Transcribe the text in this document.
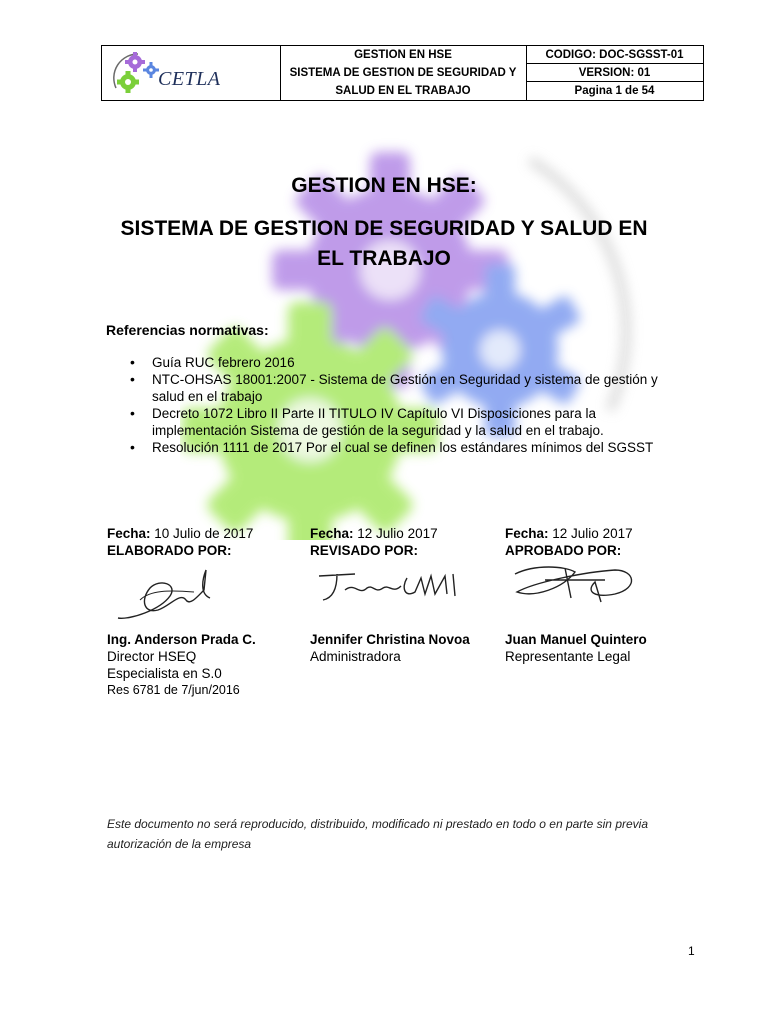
CETLA
GESTION EN HSE
SISTEMA DE GESTION DE SEGURIDAD Y
SALUD EN EL TRABAJO
CODIGO: DOC-SGSST-01
VERSION: 01
Pagina 1 de 54
GESTION EN HSE:
SISTEMA DE GESTION DE SEGURIDAD Y SALUD EN
EL TRABAJO
Referencias normativas:
• Guía RUC febrero 2016
• NTC-OHSAS 18001:2007 - Sistema de Gestión en Seguridad y sistema de gestión y salud en el trabajo
• Decreto 1072 Libro II Parte II TITULO IV Capítulo VI Disposiciones para la implementación Sistema de gestión de la seguridad y la salud en el trabajo.
• Resolución 1111 de 2017 Por el cual se definen los estándares mínimos del SGSST
Fecha: 10 Julio de 2017
ELABORADO POR:
Fecha: 12 Julio 2017
REVISADO POR:
Fecha: 12 Julio 2017
APROBADO POR:
Ing. Anderson Prada C.
Director HSEQ
Especialista en S.0
Res 6781 de 7/jun/2016
Jennifer Christina Novoa
Administradora
Juan Manuel Quintero
Representante Legal
Este documento no será reproducido, distribuido, modificado ni prestado en todo o en parte sin previa autorización de la empresa
1
